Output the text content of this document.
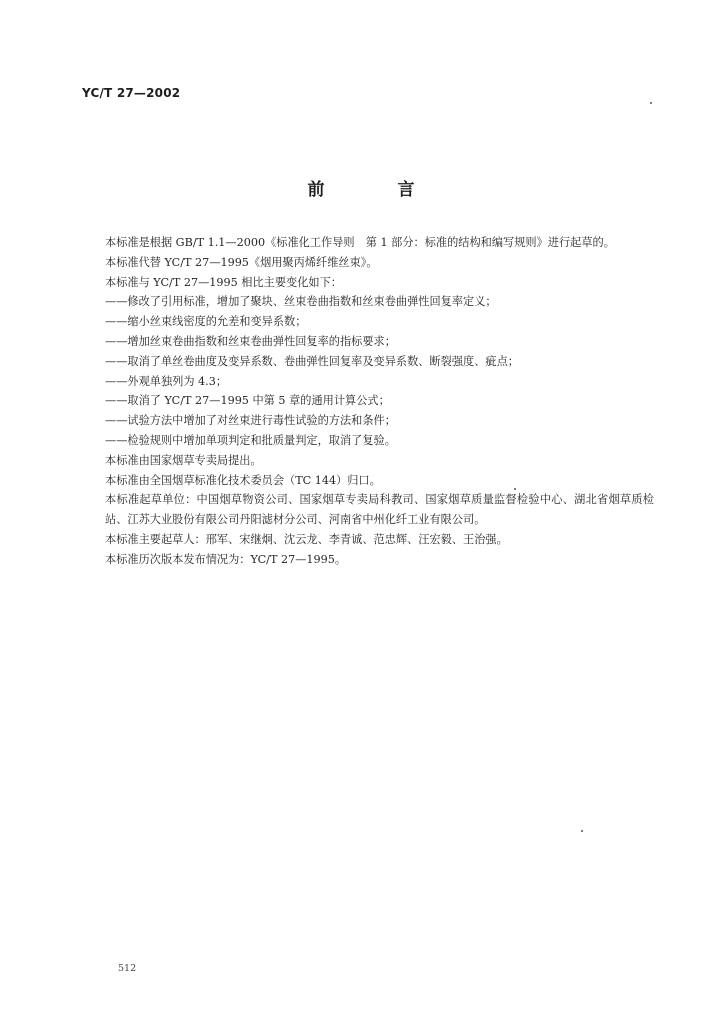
YC/T 27—2002
前　言

本标准是根据 GB/T 1.1—2000《标准化工作导则　第 1 部分：标准的结构和编写规则》进行起草的。

本标准代替 YC/T 27—1995《烟用聚丙烯纤维丝束》。

本标准与 YC/T 27—1995 相比主要变化如下：

——修改了引用标准，增加了聚块、丝束卷曲指数和丝束卷曲弹性回复率定义；

——缩小丝束线密度的允差和变异系数；

——增加丝束卷曲指数和丝束卷曲弹性回复率的指标要求；

——取消了单丝卷曲度及变异系数、卷曲弹性回复率及变异系数、断裂强度、疵点；

——外观单独列为 4.3；

——取消了 YC/T 27—1995 中第 5 章的通用计算公式；

——试验方法中增加了对丝束进行毒性试验的方法和条件；

——检验规则中增加单项判定和批质量判定，取消了复验。

本标准由国家烟草专卖局提出。

本标准由全国烟草标准化技术委员会（TC 144）归口。

本标准起草单位：中国烟草物资公司、国家烟草专卖局科教司、国家烟草质量监督检验中心、湖北省烟草质检站、江苏大业股份有限公司丹阳滤材分公司、河南省中州化纤工业有限公司。

本标准主要起草人：邢军、宋继炯、沈云龙、李青诚、范忠辉、汪宏毅、王治强。

本标准历次版本发布情况为：YC/T 27—1995。

512
